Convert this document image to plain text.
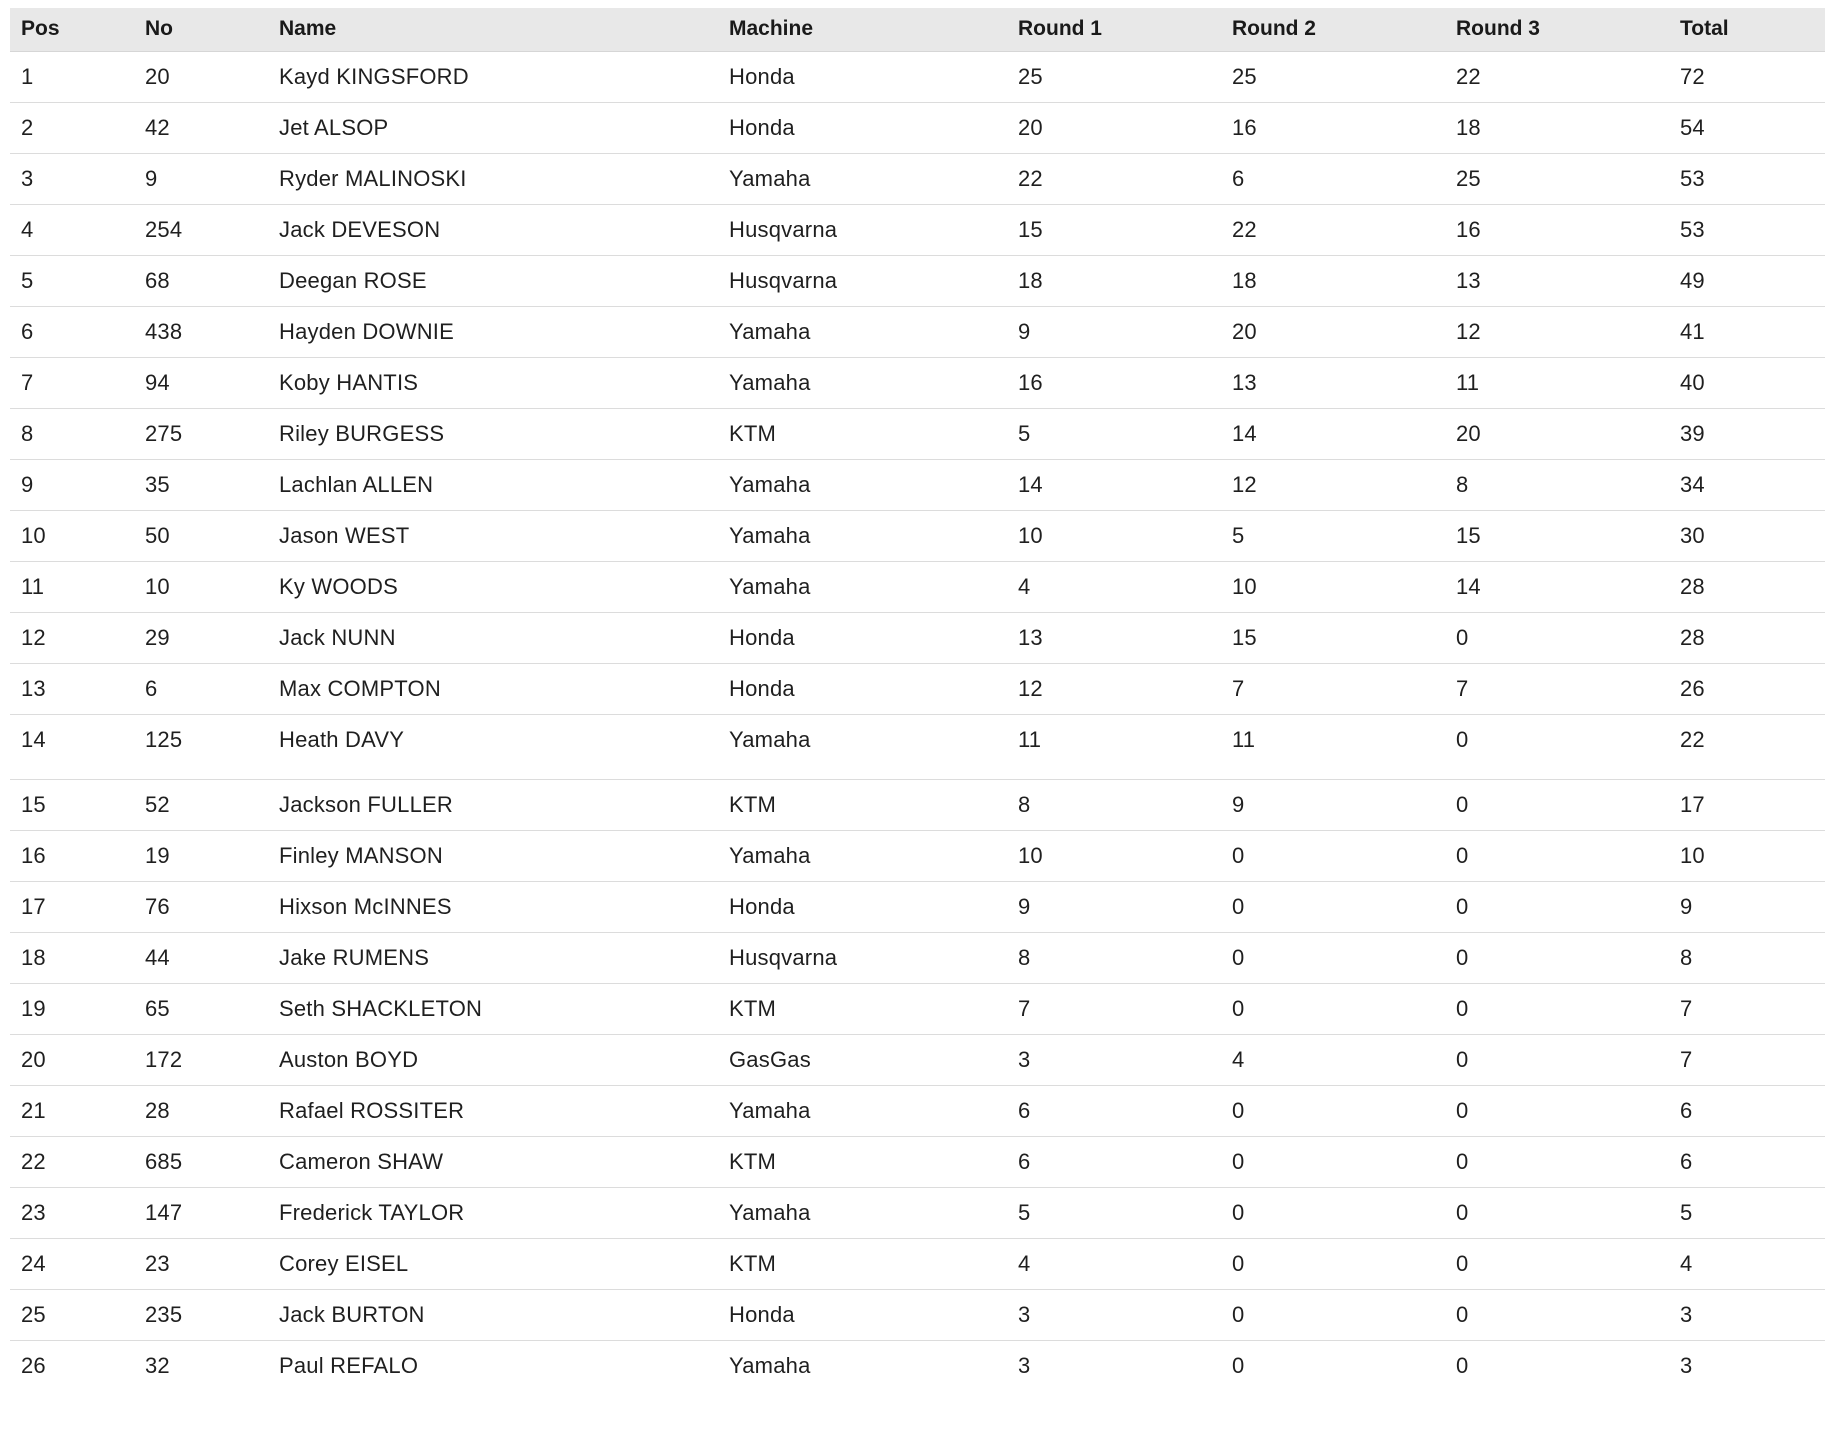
Pos	No	Name	Machine	Round 1	Round 2	Round 3	Total
1	20	Kayd KINGSFORD	Honda	25	25	22	72
2	42	Jet ALSOP	Honda	20	16	18	54
3	9	Ryder MALINOSKI	Yamaha	22	6	25	53
4	254	Jack DEVESON	Husqvarna	15	22	16	53
5	68	Deegan ROSE	Husqvarna	18	18	13	49
6	438	Hayden DOWNIE	Yamaha	9	20	12	41
7	94	Koby HANTIS	Yamaha	16	13	11	40
8	275	Riley BURGESS	KTM	5	14	20	39
9	35	Lachlan ALLEN	Yamaha	14	12	8	34
10	50	Jason WEST	Yamaha	10	5	15	30
11	10	Ky WOODS	Yamaha	4	10	14	28
12	29	Jack NUNN	Honda	13	15	0	28
13	6	Max COMPTON	Honda	12	7	7	26
14	125	Heath DAVY	Yamaha	11	11	0	22
15	52	Jackson FULLER	KTM	8	9	0	17
16	19	Finley MANSON	Yamaha	10	0	0	10
17	76	Hixson McINNES	Honda	9	0	0	9
18	44	Jake RUMENS	Husqvarna	8	0	0	8
19	65	Seth SHACKLETON	KTM	7	0	0	7
20	172	Auston BOYD	GasGas	3	4	0	7
21	28	Rafael ROSSITER	Yamaha	6	0	0	6
22	685	Cameron SHAW	KTM	6	0	0	6
23	147	Frederick TAYLOR	Yamaha	5	0	0	5
24	23	Corey EISEL	KTM	4	0	0	4
25	235	Jack BURTON	Honda	3	0	0	3
26	32	Paul REFALO	Yamaha	3	0	0	3
